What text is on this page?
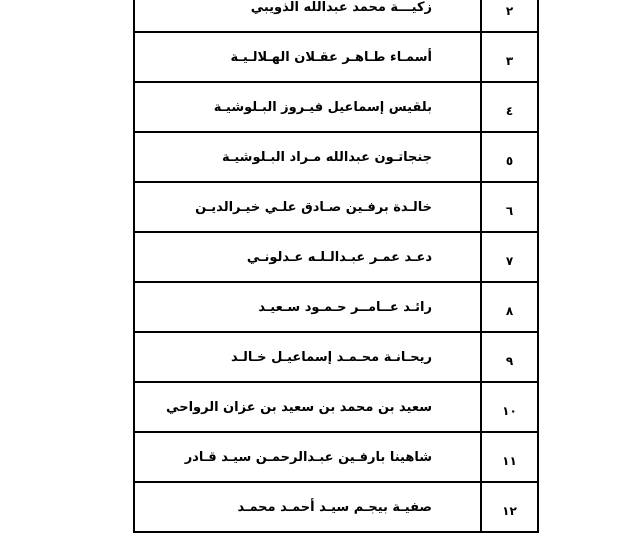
٢	زكيـــة محمد عبدالله الذويبي
٣	أسمـاء طـاهـر عقـلان الهـلالـيـة
٤	بلقيس إسماعيل فيـروز البـلوشيـة
٥	جنجاتـون عبدالله مـراد البـلوشيـة
٦	خالـدة برفـين صـادق علـي خيـرالديـن
٧	دعـد عمـر عبـدالـلـه عـدلونـي
٨	رائـد عــامــر حـمـود سـعيـد
٩	ريحـانـة محـمـد إسماعيـل خـالـد
١٠	سعيد بن محمد بن سعيد بن عزان الرواحي
١١	شاهينا بارفـين عبـدالرحمـن سيـد قـادر
١٢	صفيـة بيجـم سيـد أحمـد محمـد
